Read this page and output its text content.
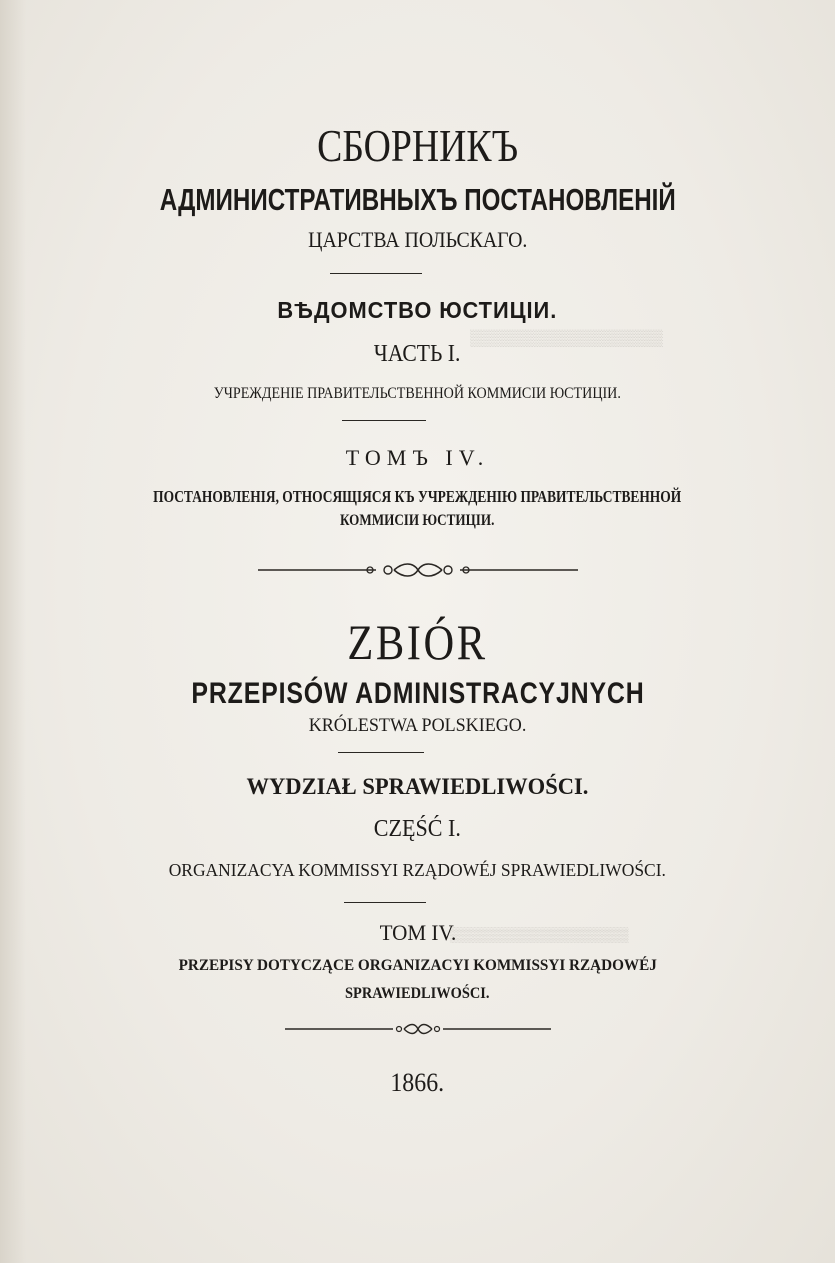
▒▒▒▒▒▒▒▒▒▒▒▒▒▒▒▒▒
▒▒▒▒▒▒▒▒▒▒▒▒▒▒▒▒▒▒
СБОРНИКЪ
АДМИНИСТРАТИВНЫХЪ ПОСТАНОВЛЕНІЙ
ЦАРСТВА ПОЛЬСКАГО.
ВѢДОМСТВО ЮСТИЦІИ.
ЧАСТЬ I.
УЧРЕЖДЕНІЕ ПРАВИТЕЛЬСТВЕННОЙ КОММИСІИ ЮСТИЦІИ.
ТОМЪ IV.
ПОСТАНОВЛЕНІЯ, ОТНОСЯЩІЯСЯ КЪ УЧРЕЖДЕНІЮ ПРАВИТЕЛЬСТВЕННОЙ
КОММИСІИ ЮСТИЦІИ.
ZBIÓR
PRZEPISÓW ADMINISTRACYJNYCH
KRÓLESTWA POLSKIEGO.
WYDZIAŁ SPRAWIEDLIWOŚCI.
CZĘŚĆ I.
ORGANIZACYA KOMMISSYI RZĄDOWÉJ SPRAWIEDLIWOŚCI.
TOM IV.
PRZEPISY DOTYCZĄCE ORGANIZACYI KOMMISSYI RZĄDOWÉJ
SPRAWIEDLIWOŚCI.
1866.
